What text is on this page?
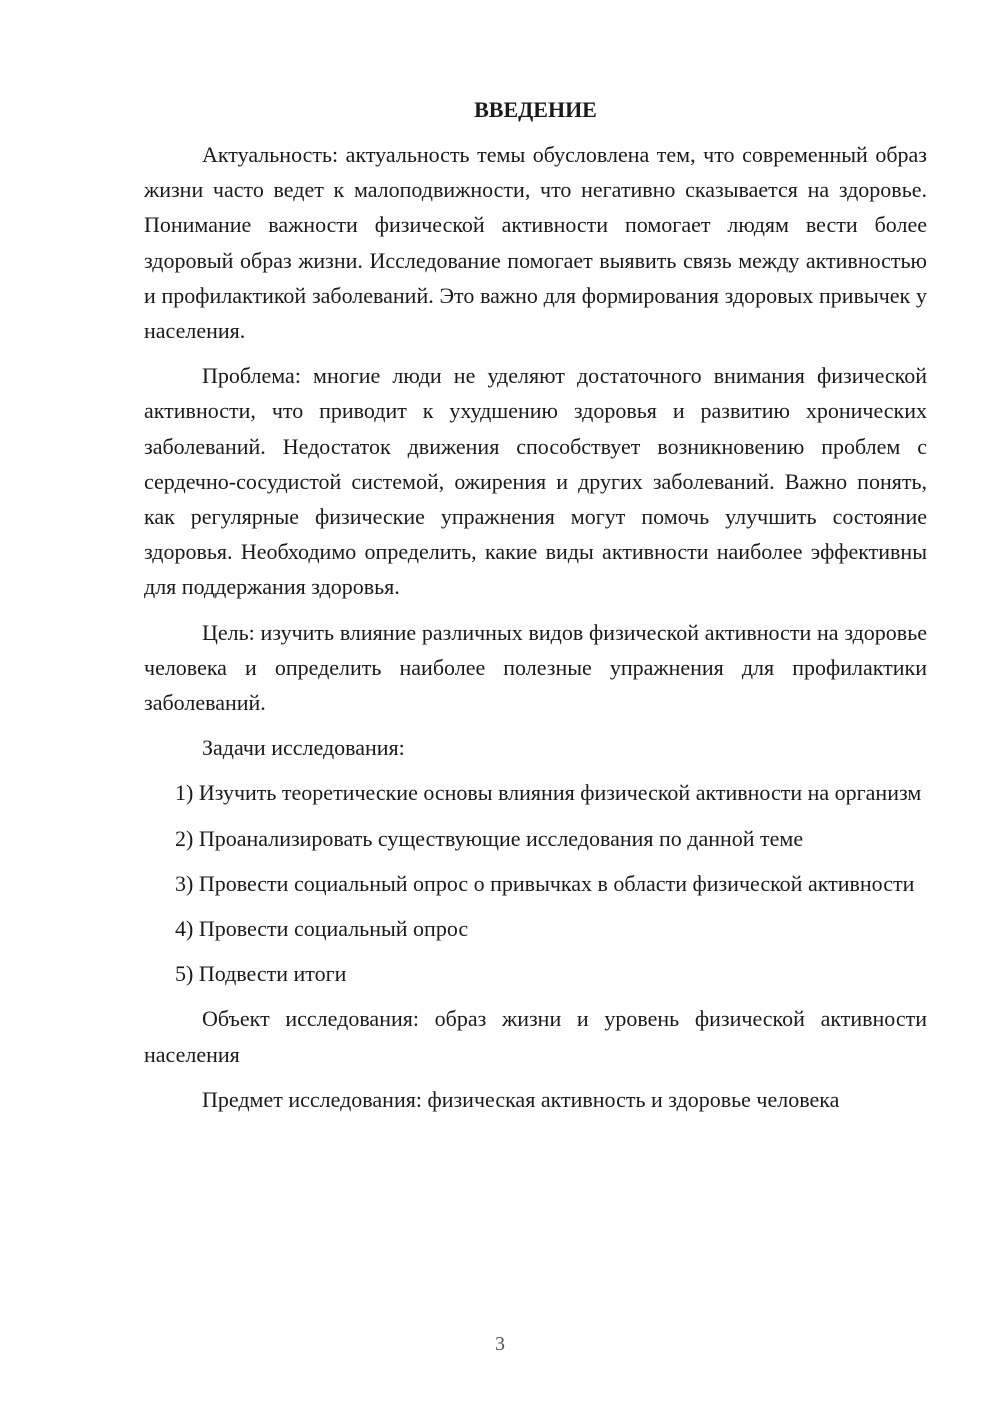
ВВЕДЕНИЕ

Актуальность: актуальность темы обусловлена тем, что современный образ жизни часто ведет к малоподвижности, что негативно сказывается на здоровье. Понимание важности физической активности помогает людям вести более здоровый образ жизни. Исследование помогает выявить связь между активностью и профилактикой заболеваний. Это важно для формирования здоровых привычек у населения.

Проблема: многие люди не уделяют достаточного внимания физической активности, что приводит к ухудшению здоровья и развитию хронических заболеваний. Недостаток движения способствует возникновению проблем с сердечно-сосудистой системой, ожирения и других заболеваний. Важно понять, как регулярные физические упражнения могут помочь улучшить состояние здоровья. Необходимо определить, какие виды активности наиболее эффективны для поддержания здоровья.

Цель: изучить влияние различных видов физической активности на здоровье человека и определить наиболее полезные упражнения для профилактики заболеваний.

Задачи исследования:

1) Изучить теоретические основы влияния физической активности на организм

2) Проанализировать существующие исследования по данной теме

3) Провести социальный опрос о привычках в области физической активности

4) Провести социальный опрос

5) Подвести итоги

Объект исследования: образ жизни и уровень физической активности населения

Предмет исследования: физическая активность и здоровье человека

3
